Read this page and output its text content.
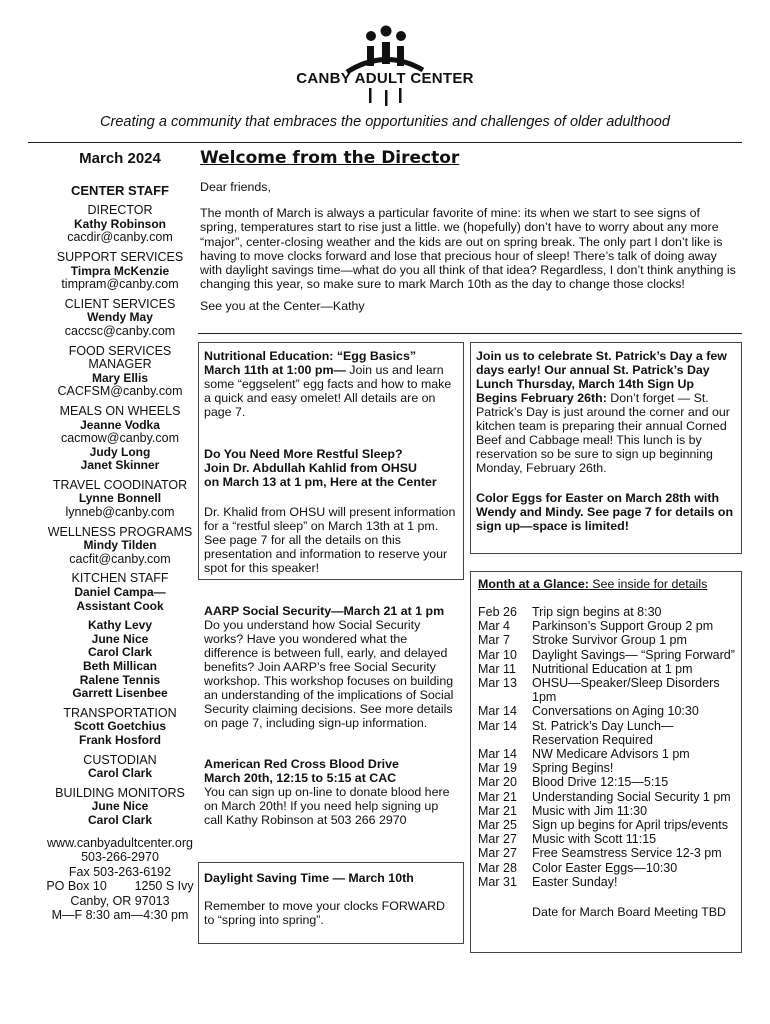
CANBY ADULT CENTER
Creating a community that embraces the opportunities and challenges of older adulthood
March 2024
CENTER STAFF
DIRECTOR
Kathy Robinson
cacdir@canby.com
SUPPORT SERVICES
Timpra McKenzie
timpram@canby.com
CLIENT SERVICES
Wendy May
caccsc@canby.com
FOOD SERVICES
MANAGER
Mary Ellis
CACFSM@canby.com
MEALS ON WHEELS
Jeanne Vodka
cacmow@canby.com
Judy Long
Janet Skinner
TRAVEL COODINATOR
Lynne Bonnell
lynneb@canby.com
WELLNESS PROGRAMS
Mindy Tilden
cacfit@canby.com
KITCHEN STAFF
Daniel Campa—
Assistant Cook
Kathy Levy
June Nice
Carol Clark
Beth Millican
Ralene Tennis
Garrett Lisenbee
TRANSPORTATION
Scott Goetchius
Frank Hosford
CUSTODIAN
Carol Clark
BUILDING MONITORS
June Nice
Carol Clark
www.canbyadultcenter.org
503-266-2970
Fax 503-263-6192
PO Box 10        1250 S Ivy
Canby, OR 97013
M—F 8:30 am—4:30 pm
Welcome from the Director

Dear friends,

The month of March is always a particular favorite of mine: its when we start to see signs of spring, temperatures start to rise just a little. we (hopefully) don’t have to worry about any more “major”, center-closing weather and the kids are out on spring break. The only part I don’t like is having to move clocks forward and lose that precious hour of sleep! There’s talk of doing away with daylight savings time—what do you all think of that idea? Regardless, I don’t think anything is changing this year, so make sure to mark March 10th as the day to change those clocks!

See you at the Center—Kathy

Nutritional Education: “Egg Basics”
March 11th at 1:00 pm— Join us and learn some “eggselent” egg facts and how to make a quick and easy omelet! All details are on page 7.

Do You Need More Restful Sleep?

Join Dr. Abdullah Kahlid from OHSU

on March 13 at 1 pm, Here at the Center

Dr. Khalid from OHSU will present information for a “restful sleep” on March 13th at 1 pm. See page 7 for all the details on this presentation and information to reserve your spot for this speaker!

AARP Social Security—March 21 at 1 pm

Do you understand how Social Security works? Have you wondered what the difference is between full, early, and delayed benefits? Join AARP’s free Social Security workshop. This workshop focuses on building an understanding of the implications of Social Security claiming decisions. See more details on page 7, including sign-up information.

American Red Cross Blood Drive

March 20th, 12:15 to 5:15 at CAC

You can sign up on-line to donate blood here on March 20th! If you need help signing up call Kathy Robinson at 503 266 2970

Daylight Saving Time — March 10th

Remember to move your clocks FORWARD to “spring into spring”.

Join us to celebrate St. Patrick’s Day a few days early! Our annual St. Patrick’s Day Lunch Thursday, March 14th Sign Up Begins February 26th: Don’t forget — St. Patrick’s Day is just around the corner and our kitchen team is preparing their annual Corned Beef and Cabbage meal! This lunch is by reservation so be sure to sign up beginning Monday, February 26th.

Color Eggs for Easter on March 28th with Wendy and Mindy. See page 7 for details on sign up—space is limited!

Month at a Glance: See inside for details

Feb 26	Trip sign begins at 8:30
Mar 4	Parkinson’s Support Group 2 pm
Mar 7	Stroke Survivor Group 1 pm
Mar 10	Daylight Savings— “Spring Forward”
Mar 11	Nutritional Education at 1 pm
Mar 13	OHSU—Speaker/Sleep Disorders
1pm
Mar 14	Conversations on Aging 10:30
Mar 14	St. Patrick’s Day Lunch—
Reservation Required
Mar 14	NW Medicare Advisors 1 pm
Mar 19	Spring Begins!
Mar 20	Blood Drive 12:15—5:15
Mar 21	Understanding Social Security 1 pm
Mar 21	Music with Jim 11:30
Mar 25	Sign up begins for April trips/events
Mar 27	Music with Scott 11:15
Mar 27	Free Seamstress Service 12-3 pm
Mar 28	Color Easter Eggs—10:30
Mar 31	Easter Sunday!

Date for March Board Meeting TBD
